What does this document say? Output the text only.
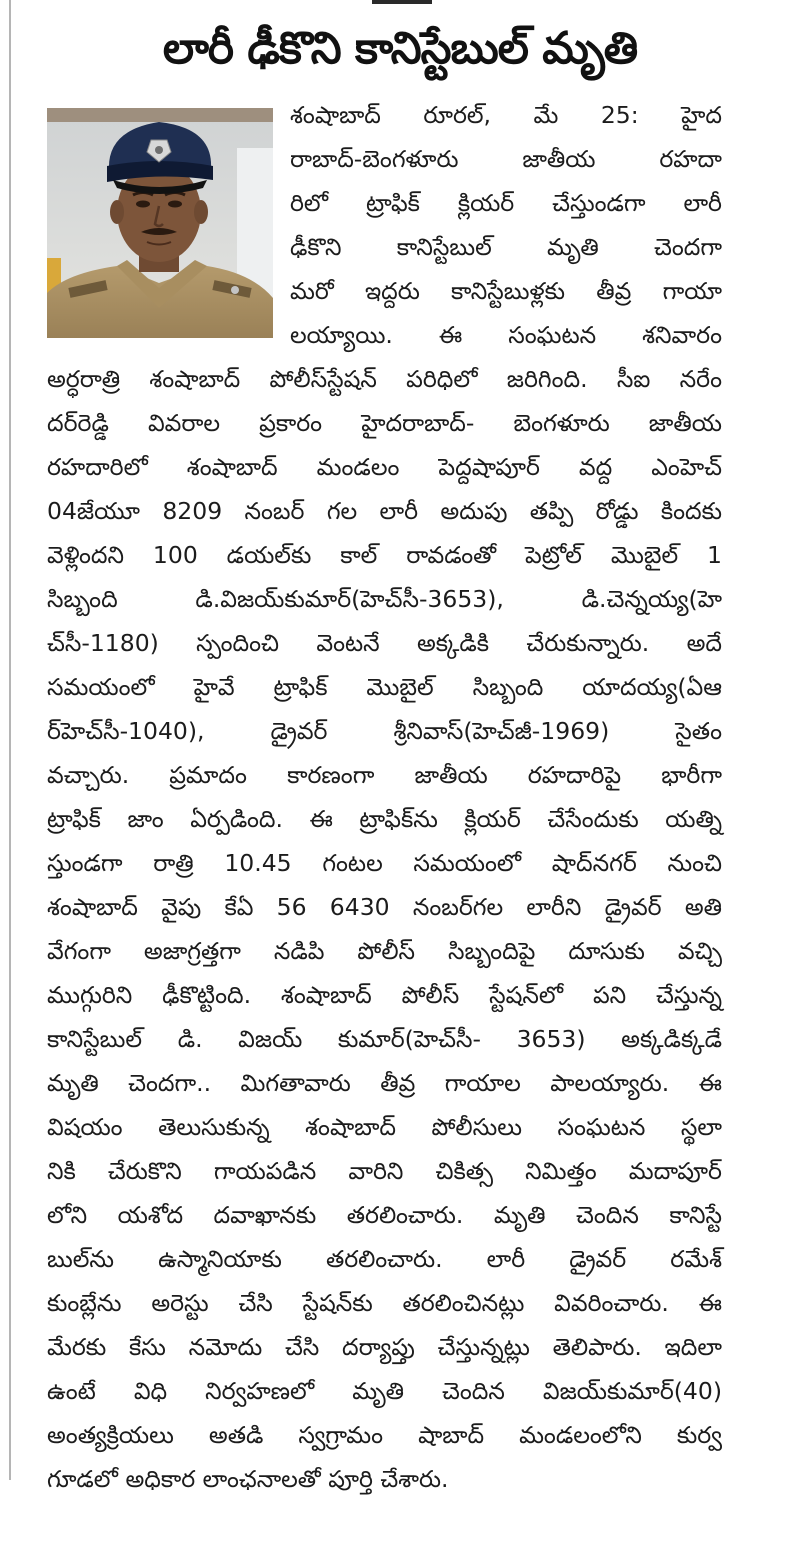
లారీ ఢీకొని కానిస్టేబుల్ మృతి

శంషాబాద్ రూరల్, మే 25: హైద

రాబాద్-బెంగళూరు జాతీయ రహదా

రిలో ట్రాఫిక్ క్లియర్ చేస్తుండగా లారీ

ఢీకొని కానిస్టేబుల్ మృతి చెందగా

మరో ఇద్దరు కానిస్టేబుళ్లకు తీవ్ర గాయా

లయ్యాయి. ఈ సంఘటన శనివారం

అర్ధరాత్రి శంషాబాద్ పోలీస్‌స్టేషన్ పరిధిలో జరిగింది. సీఐ నరేం

దర్‌రెడ్డి వివరాల ప్రకారం హైదరాబాద్- బెంగళూరు జాతీయ

రహదారిలో శంషాబాద్ మండలం పెద్దషాపూర్ వద్ద ఎంహెచ్

04జేయూ 8209 నంబర్ గల లారీ అదుపు తప్పి రోడ్డు కిందకు

వెళ్లిందని 100 డయల్‌కు కాల్ రావడంతో పెట్రోల్ మొబైల్ 1

సిబ్బంది డి.విజయ్‌కుమార్(హెచ్‌సీ-3653), డి.చెన్నయ్య(హె

చ్‌సీ-1180) స్పందించి వెంటనే అక్కడికి చేరుకున్నారు. అదే

సమయంలో హైవే ట్రాఫిక్ మొబైల్ సిబ్బంది యాదయ్య(ఏఆ

ర్‌హెచ్‌సీ-1040), డ్రైవర్ శ్రీనివాస్(హెచ్‌జీ-1969) సైతం

వచ్చారు. ప్రమాదం కారణంగా జాతీయ రహదారిపై భారీగా

ట్రాఫిక్ జాం ఏర్పడింది. ఈ ట్రాఫిక్‌ను క్లియర్ చేసేందుకు యత్ని

స్తుండగా రాత్రి 10.45 గంటల సమయంలో షాద్‌నగర్ నుంచి

శంషాబాద్ వైపు కేఏ 56 6430 నంబర్‌గల లారీని డ్రైవర్ అతి

వేగంగా అజాగ్రత్తగా నడిపి పోలీస్ సిబ్బందిపై దూసుకు వచ్చి

ముగ్గురిని ఢీకొట్టింది. శంషాబాద్ పోలీస్ స్టేషన్‌లో పని చేస్తున్న

కానిస్టేబుల్ డి. విజయ్ కుమార్(హెచ్‌సీ- 3653) అక్కడిక్కడే

మృతి చెందగా.. మిగతావారు తీవ్ర గాయాల పాలయ్యారు. ఈ

విషయం తెలుసుకున్న శంషాబాద్ పోలీసులు సంఘటన స్థలా

నికి చేరుకొని గాయపడిన వారిని చికిత్స నిమిత్తం మదాపూర్

లోని యశోద దవాఖానకు తరలించారు. మృతి చెందిన కానిస్టే

బుల్‌ను ఉస్మానియాకు తరలించారు. లారీ డ్రైవర్ రమేశ్

కుంబ్లేను అరెస్టు చేసి స్టేషన్‌కు తరలించినట్లు వివరించారు. ఈ

మేరకు కేసు నమోదు చేసి దర్యాప్తు చేస్తున్నట్లు తెలిపారు. ఇదిలా

ఉంటే విధి నిర్వహణలో మృతి చెందిన విజయ్‌కుమార్(40)

అంత్యక్రియలు అతడి స్వగ్రామం షాబాద్ మండలంలోని కుర్వ

గూడలో అధికార లాంఛనాలతో పూర్తి చేశారు.
